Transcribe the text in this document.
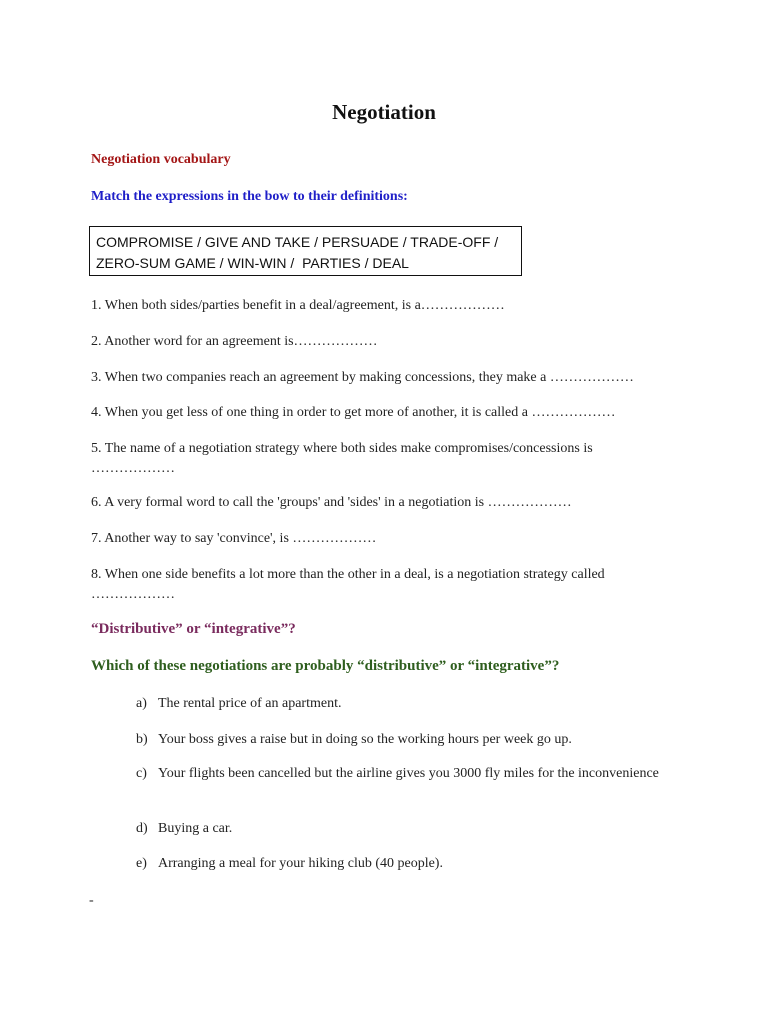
Negotiation
Negotiation vocabulary
Match the expressions in the bow to their definitions:
COMPROMISE / GIVE AND TAKE / PERSUADE / TRADE-OFF /
ZERO-SUM GAME / WIN-WIN /  PARTIES / DEAL
1. When both sides/parties benefit in a deal/agreement, is a………………
2. Another word for an agreement is………………
3. When two companies reach an agreement by making concessions, they make a ………………
4. When you get less of one thing in order to get more of another, it is called a ………………
5. The name of a negotiation strategy where both sides make compromises/concessions is
………………
6. A very formal word to call the 'groups' and 'sides' in a negotiation is ………………
7. Another way to say 'convince', is ………………
8. When one side benefits a lot more than the other in a deal, is a negotiation strategy called
………………
“Distributive” or “integrative”?
Which of these negotiations are probably “distributive” or “integrative”?
a) The rental price of an apartment.
b) Your boss gives a raise but in doing so the working hours per week go up.
c) Your flights been cancelled but the airline gives you 3000 fly miles for the inconvenience
d) Buying a car.
e) Arranging a meal for your hiking club (40 people).
-
